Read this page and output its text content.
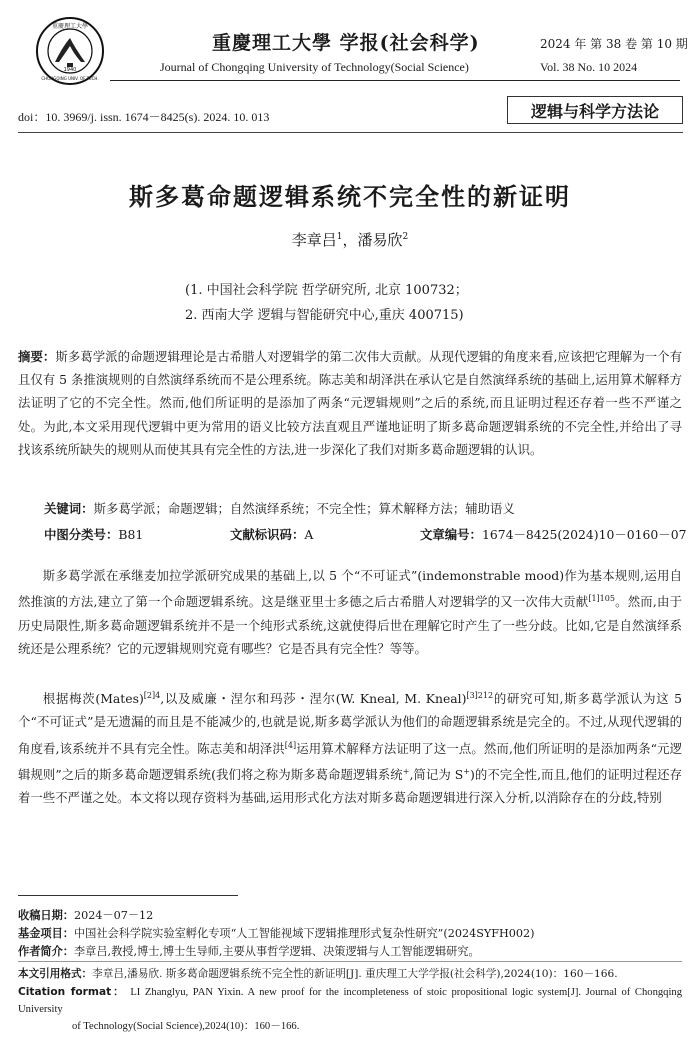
重慶理工大學
CHONGQING UNIV. OF TECH.
1940
重慶理工大學 学报(社会科学)
Journal of Chongqing University of Technology(Social Science)
2024 年 第 38 卷 第 10 期
Vol. 38 No. 10 2024
doi：10. 3969/j. issn. 1674－8425(s). 2024. 10. 013	逻辑与科学方法论
斯多葛命题逻辑系统不完全性的新证明
李章吕$^1$，潘易欣$^2$
(1. 中国社会科学院 哲学研究所, 北京 100732；
2. 西南大学 逻辑与智能研究中心,重庆 400715)
摘要：斯多葛学派的命题逻辑理论是古希腊人对逻辑学的第二次伟大贡献。从现代逻辑的角度来看,应该把它理解为一个有且仅有 5 条推演规则的自然演绎系统而不是公理系统。陈志美和胡泽洪在承认它是自然演绎系统的基础上,运用算术解释方法证明了它的不完全性。然而,他们所证明的是添加了两条“元逻辑规则”之后的系统,而且证明过程还存着一些不严谨之处。为此,本文采用现代逻辑中更为常用的语义比较方法直观且严谨地证明了斯多葛命题逻辑系统的不完全性,并给出了寻找该系统所缺失的规则从而使其具有完全性的方法,进一步深化了我们对斯多葛命题逻辑的认识。
关键词：斯多葛学派；命题逻辑；自然演绎系统；不完全性；算术解释方法；辅助语义
中图分类号：B81	文献标识码：A	文章编号：1674－8425(2024)10－0160－07
斯多葛学派在承继麦加拉学派研究成果的基础上,以 5 个“不可证式”(indemonstrable mood)作为基本规则,运用自然推演的方法,建立了第一个命题逻辑系统。这是继亚里士多德之后古希腊人对逻辑学的又一次伟大贡献$^{[1]105}$。然而,由于历史局限性,斯多葛命题逻辑系统并不是一个纯形式系统,这就使得后世在理解它时产生了一些分歧。比如,它是自然演绎系统还是公理系统？它的元逻辑规则究竟有哪些？它是否具有完全性？等等。
根据梅茨(Mates)$^{[2]4}$,以及威廉・涅尔和玛莎・涅尔(W. Kneal, M. Kneal)$^{[3]212}$的研究可知,斯多葛学派认为这 5 个“不可证式”是无遗漏的而且是不能减少的,也就是说,斯多葛学派认为他们的命题逻辑系统是完全的。不过,从现代逻辑的角度看,该系统并不具有完全性。陈志美和胡泽洪[4]运用算术解释方法证明了这一点。然而,他们所证明的是添加两条“元逻辑规则”之后的斯多葛命题逻辑系统(我们将之称为斯多葛命题逻辑系统+,简记为 S+)的不完全性,而且,他们的证明过程还存着一些不严谨之处。本文将以现存资料为基础,运用形式化方法对斯多葛命题逻辑进行深入分析,以消除存在的分歧,特别
收稿日期：2024－07－12
基金项目：中国社会科学院实验室孵化专项“人工智能视域下逻辑推理形式复杂性研究”(2024SYFH002)
作者简介：李章吕,教授,博士,博士生导师,主要从事哲学逻辑、决策逻辑与人工智能逻辑研究。
本文引用格式：李章吕,潘易欣. 斯多葛命题逻辑系统不完全性的新证明[J]. 重庆理工大学学报(社会科学),2024(10)：160－166.
Citation format： LI Zhanglyu, PAN Yixin. A new proof for the incompleteness of stoic propositional logic system[J]. Journal of Chongqing University
of Technology(Social Science),2024(10)：160－166.
